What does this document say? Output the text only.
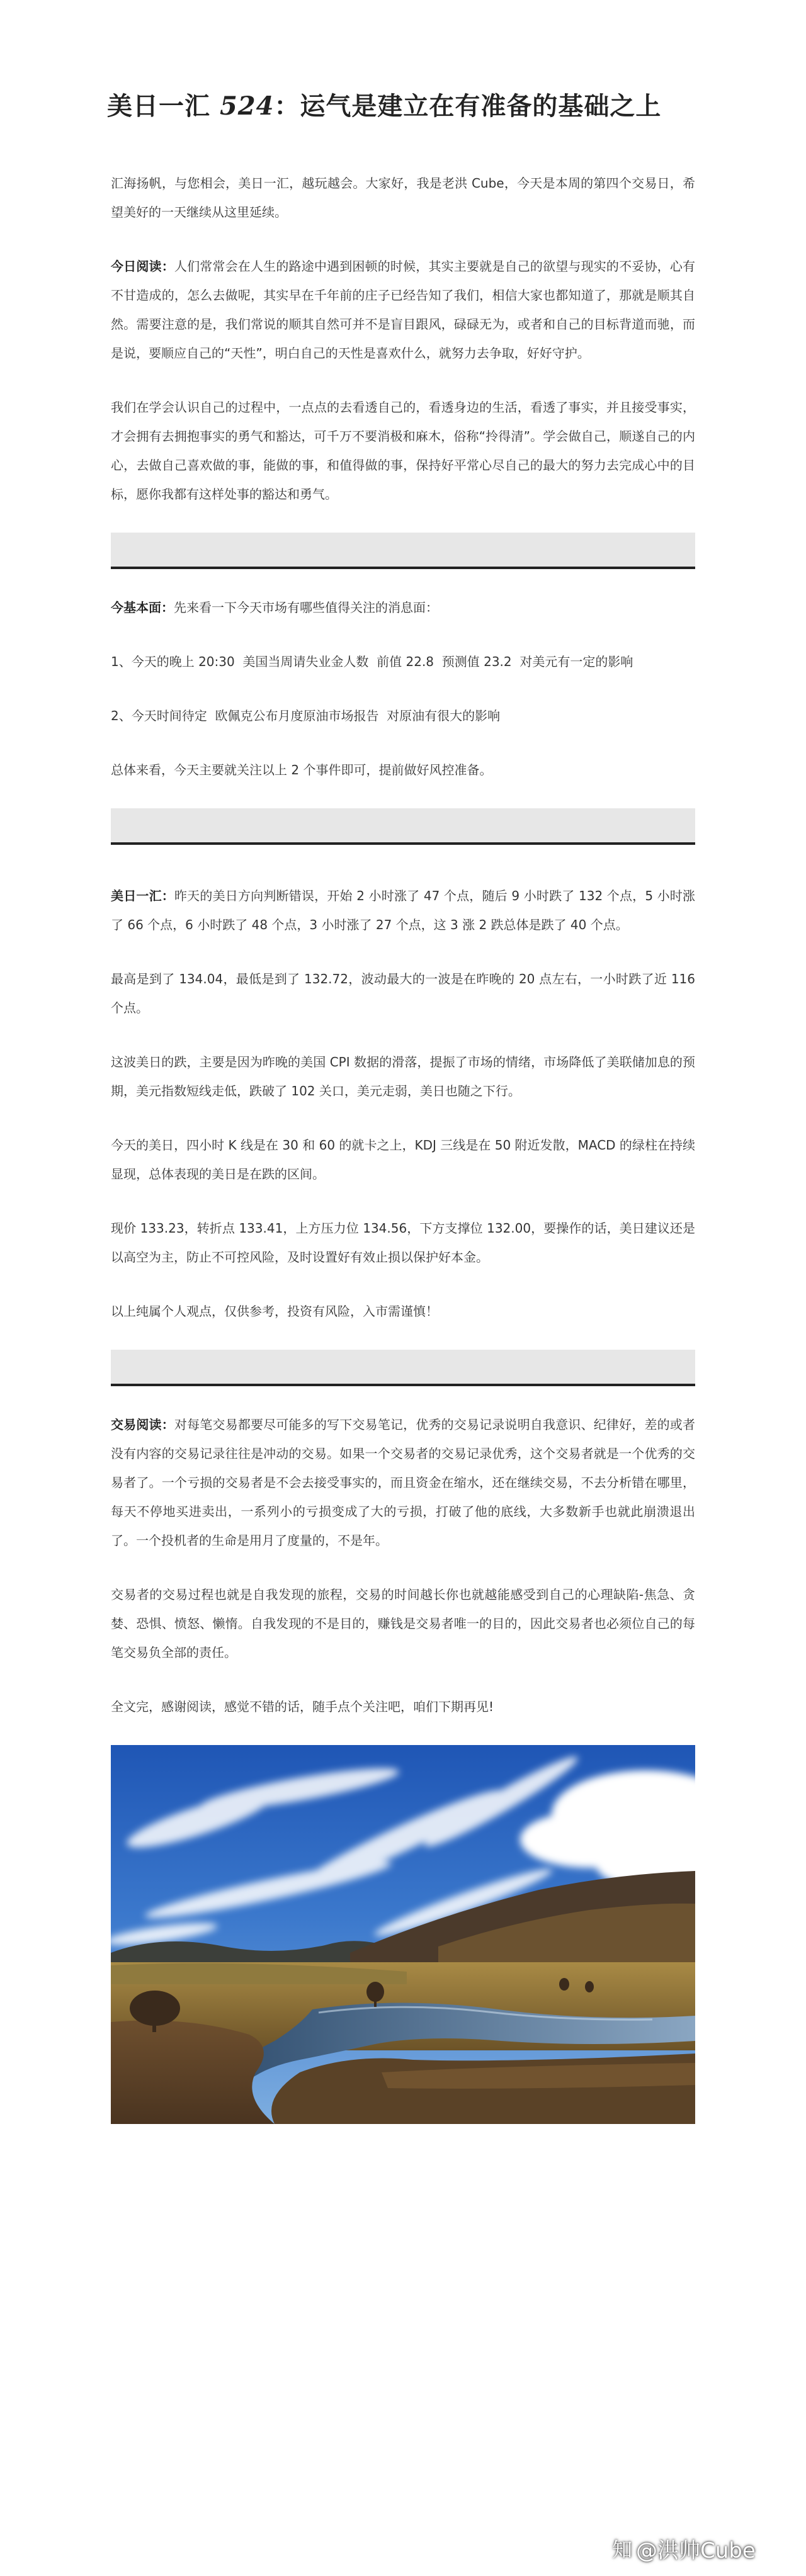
美日一汇 524：运气是建立在有准备的基础之上

汇海扬帆，与您相会，美日一汇，越玩越会。大家好，我是老洪 Cube，今天是本周的第四个交易日，希望美好的一天继续从这里延续。

今日阅读：人们常常会在人生的路途中遇到困顿的时候，其实主要就是自己的欲望与现实的不妥协，心有不甘造成的，怎么去做呢，其实早在千年前的庄子已经告知了我们，相信大家也都知道了，那就是顺其自然。需要注意的是，我们常说的顺其自然可并不是盲目跟风，碌碌无为，或者和自己的目标背道而驰，而是说，要顺应自己的“天性”，明白自己的天性是喜欢什么，就努力去争取，好好守护。

我们在学会认识自己的过程中，一点点的去看透自己的，看透身边的生活，看透了事实，并且接受事实，才会拥有去拥抱事实的勇气和豁达，可千万不要消极和麻木，俗称“拎得清”。学会做自己，顺遂自己的内心，去做自己喜欢做的事，能做的事，和值得做的事，保持好平常心尽自己的最大的努力去完成心中的目标，愿你我都有这样处事的豁达和勇气。

今基本面：先来看一下今天市场有哪些值得关注的消息面：

1、今天的晚上 20:30  美国当周请失业金人数  前值 22.8  预测值 23.2  对美元有一定的影响

2、今天时间待定  欧佩克公布月度原油市场报告  对原油有很大的影响

总体来看，今天主要就关注以上 2 个事件即可，提前做好风控准备。

美日一汇：昨天的美日方向判断错误，开始 2 小时涨了 47 个点，随后 9 小时跌了 132 个点，5 小时涨了 66 个点，6 小时跌了 48 个点，3 小时涨了 27 个点，这 3 涨 2 跌总体是跌了 40 个点。

最高是到了 134.04，最低是到了 132.72，波动最大的一波是在昨晚的 20 点左右，一小时跌了近 116 个点。

这波美日的跌，主要是因为昨晚的美国 CPI 数据的滑落，提振了市场的情绪，市场降低了美联储加息的预期，美元指数短线走低，跌破了 102 关口，美元走弱，美日也随之下行。

今天的美日，四小时 K 线是在 30 和 60 的就卡之上，KDJ 三线是在 50 附近发散，MACD 的绿柱在持续显现，总体表现的美日是在跌的区间。

现价 133.23，转折点 133.41，上方压力位 134.56，下方支撑位 132.00，要操作的话，美日建议还是以高空为主，防止不可控风险，及时设置好有效止损以保护好本金。

以上纯属个人观点，仅供参考，投资有风险，入市需谨慎！

交易阅读：对每笔交易都要尽可能多的写下交易笔记，优秀的交易记录说明自我意识、纪律好，差的或者没有内容的交易记录往往是冲动的交易。如果一个交易者的交易记录优秀，这个交易者就是一个优秀的交易者了。一个亏损的交易者是不会去接受事实的，而且资金在缩水，还在继续交易，不去分析错在哪里，每天不停地买进卖出，一系列小的亏损变成了大的亏损，打破了他的底线，大多数新手也就此崩溃退出了。一个投机者的生命是用月了度量的，不是年。

交易者的交易过程也就是自我发现的旅程，交易的时间越长你也就越能感受到自己的心理缺陷-焦急、贪婪、恐惧、愤怒、懒惰。自我发现的不是目的，赚钱是交易者唯一的目的，因此交易者也必须位自己的每笔交易负全部的责任。

全文完，感谢阅读，感觉不错的话，随手点个关注吧，咱们下期再见!

知 @洪帅Cube
